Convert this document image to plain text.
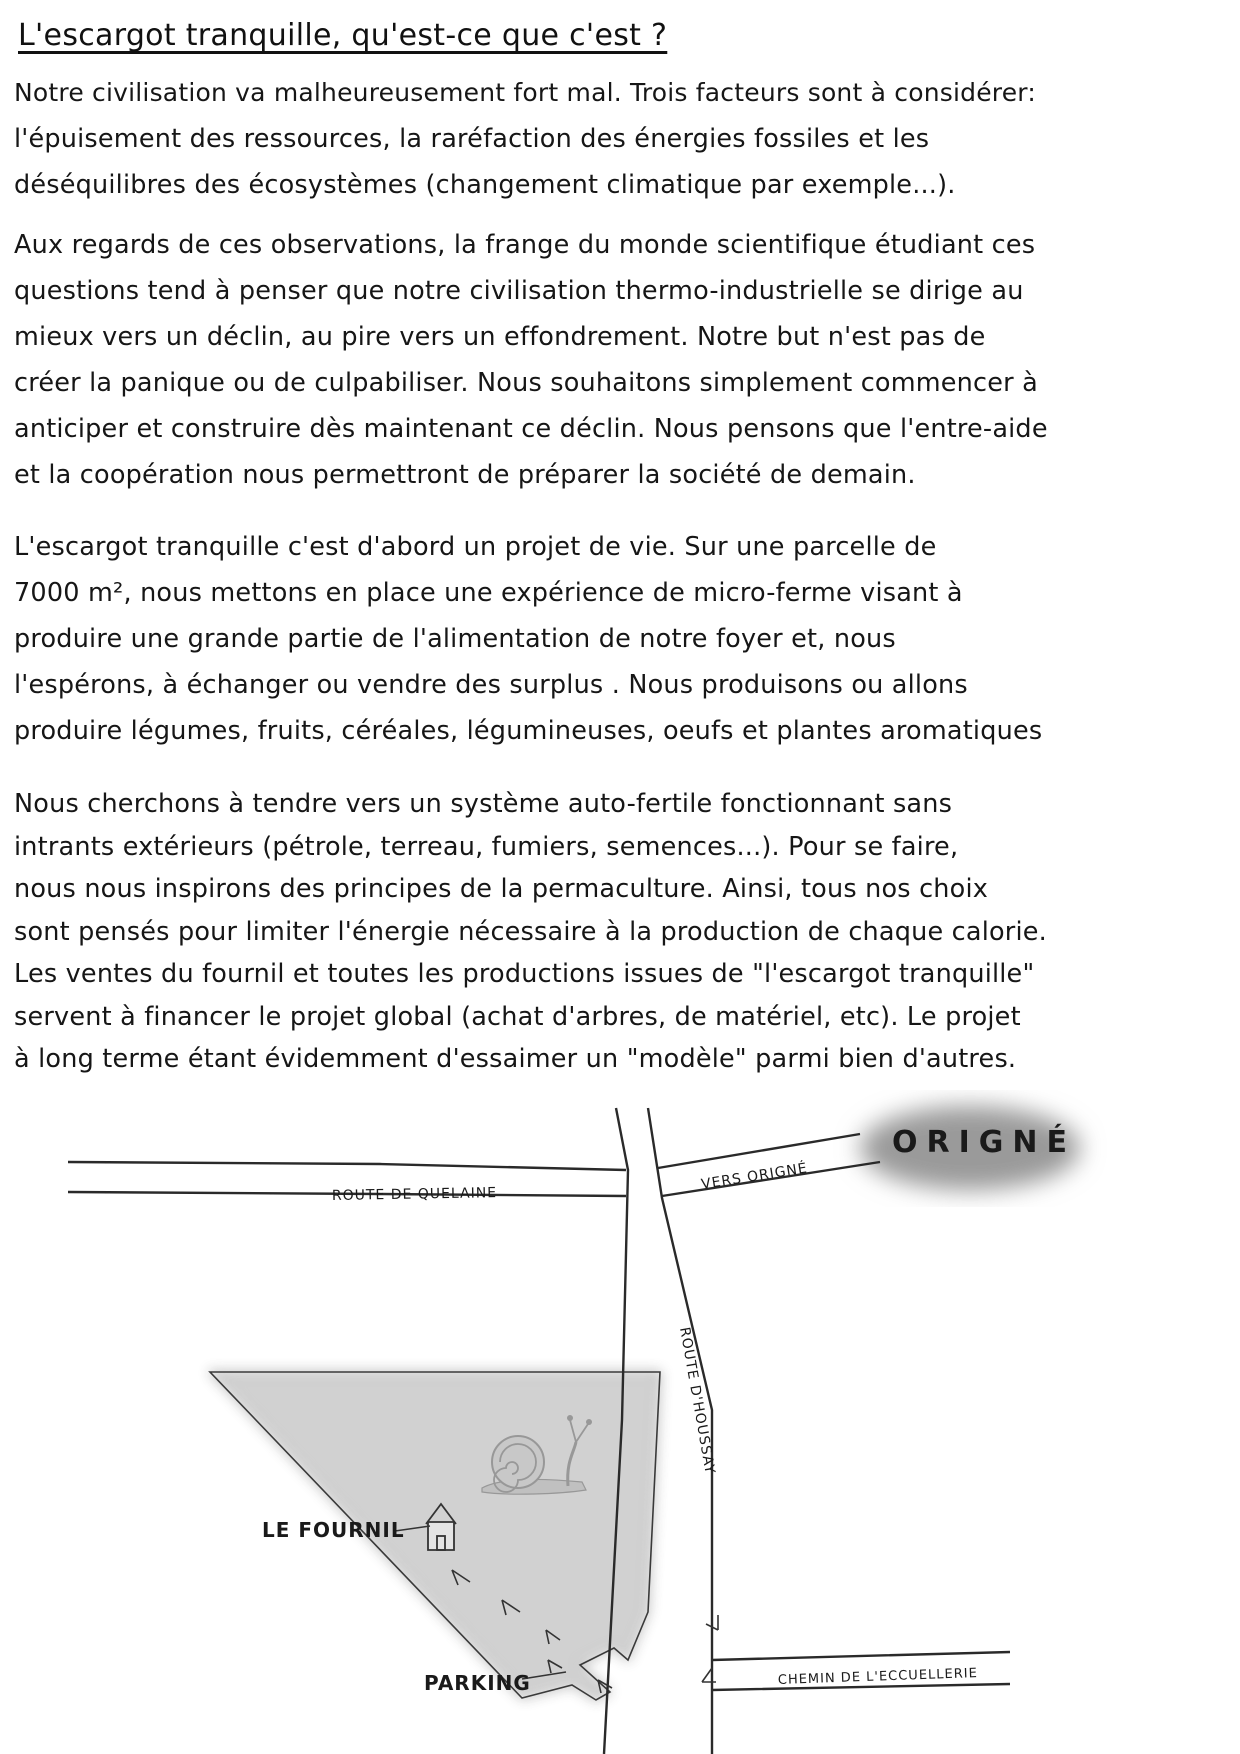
L'escargot tranquille, qu'est-ce que c'est ?
Notre civilisation va malheureusement fort mal. Trois facteurs sont à considérer:
l'épuisement des ressources, la raréfaction des énergies fossiles et les
déséquilibres des écosystèmes (changement climatique par exemple...).
Aux regards de ces observations, la frange du monde scientifique étudiant ces
questions tend à penser que notre civilisation thermo-industrielle se dirige au
mieux vers un déclin, au pire vers un effondrement. Notre but n'est pas de
créer la panique ou de culpabiliser. Nous souhaitons simplement commencer à
anticiper et construire dès maintenant ce déclin. Nous pensons que l'entre-aide
et la coopération nous permettront de préparer la société de demain.
L'escargot tranquille c'est d'abord un projet de vie. Sur une parcelle de
7000 m², nous mettons en place une expérience de micro-ferme visant à
produire une grande partie de l'alimentation de notre foyer et, nous
l'espérons, à échanger ou vendre des surplus . Nous produisons ou allons
produire légumes, fruits, céréales, légumineuses, oeufs et plantes aromatiques
Nous cherchons à tendre vers un système auto-fertile fonctionnant sans
intrants extérieurs (pétrole, terreau, fumiers, semences...). Pour se faire,
nous nous inspirons des principes de la permaculture. Ainsi, tous nos choix
sont pensés pour limiter l'énergie nécessaire à la production de chaque calorie.
Les ventes du fournil et toutes les productions issues de "l'escargot tranquille"
servent à financer le projet global (achat d'arbres, de matériel, etc). Le projet
à long terme étant évidemment d'essaimer un "modèle" parmi bien d'autres.
ROUTE DE QUELAINE
VERS ORIGNÉ
ORIGNÉ
ROUTE D'HOUSSAY
CHEMIN DE L'ECCUELLERIE
LE FOURNIL
PARKING
